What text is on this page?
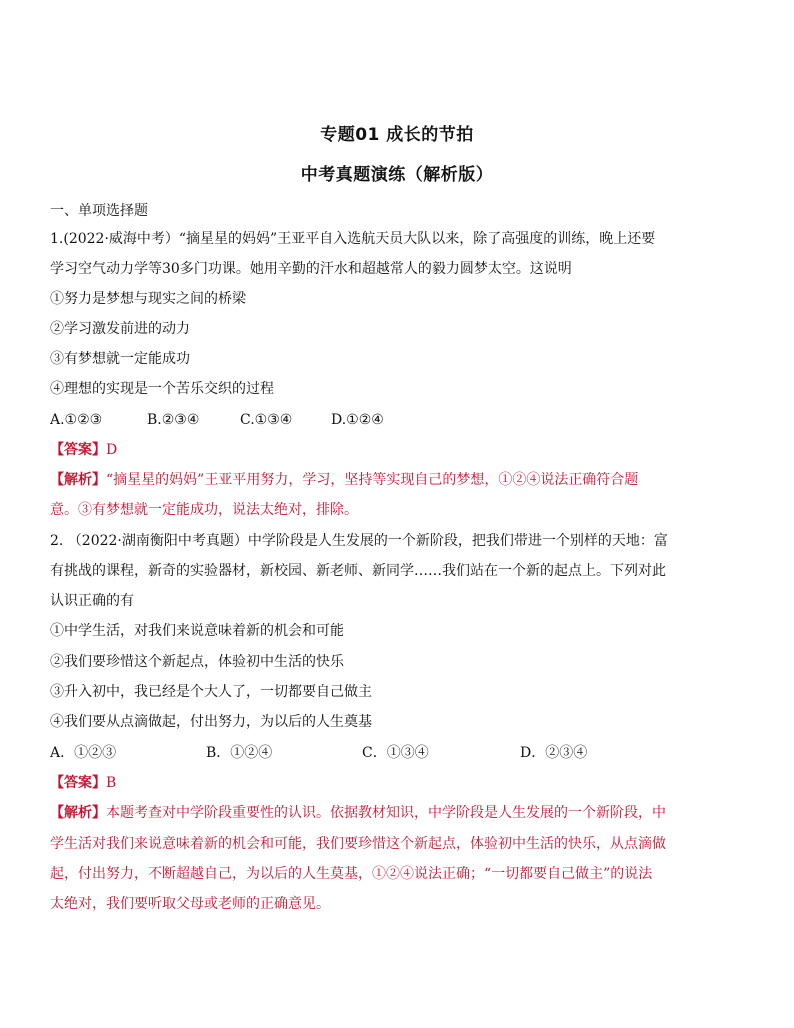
专题01 成长的节拍
中考真题演练（解析版）
一、单项选择题
1.(2022·威海中考）“摘星星的妈妈”王亚平自入选航天员大队以来，除了高强度的训练，晚上还要
学习空气动力学等30多门功课。她用辛勤的汗水和超越常人的毅力圆梦太空。这说明
①努力是梦想与现实之间的桥梁
②学习激发前进的动力
③有梦想就一定能成功
④理想的实现是一个苦乐交织的过程
A.①②③	B.②③④	C.①③④	D.①②④
【答案】D
【解析】“摘星星的妈妈”王亚平用努力，学习，坚持等实现自己的梦想，①②④说法正确符合题
意。③有梦想就一定能成功，说法太绝对，排除。
2. （2022·湖南衡阳中考真题）中学阶段是人生发展的一个新阶段，把我们带进一个别样的天地：富
有挑战的课程，新奇的实验器材，新校园、新老师、新同学……我们站在一个新的起点上。下列对此
认识正确的有
①中学生活，对我们来说意味着新的机会和可能
②我们要珍惜这个新起点，体验初中生活的快乐
③升入初中，我已经是个大人了，一切都要自己做主
④我们要从点滴做起，付出努力，为以后的人生奠基
A．①②③	B．①②④	C．①③④	D．②③④
【答案】B
【解析】本题考查对中学阶段重要性的认识。依据教材知识，中学阶段是人生发展的一个新阶段，中
学生活对我们来说意味着新的机会和可能，我们要珍惜这个新起点，体验初中生活的快乐，从点滴做
起，付出努力，不断超越自己，为以后的人生莫基，①②④说法正确；“一切都要自己做主”的说法
太绝对，我们要听取父母或老师的正确意见。
